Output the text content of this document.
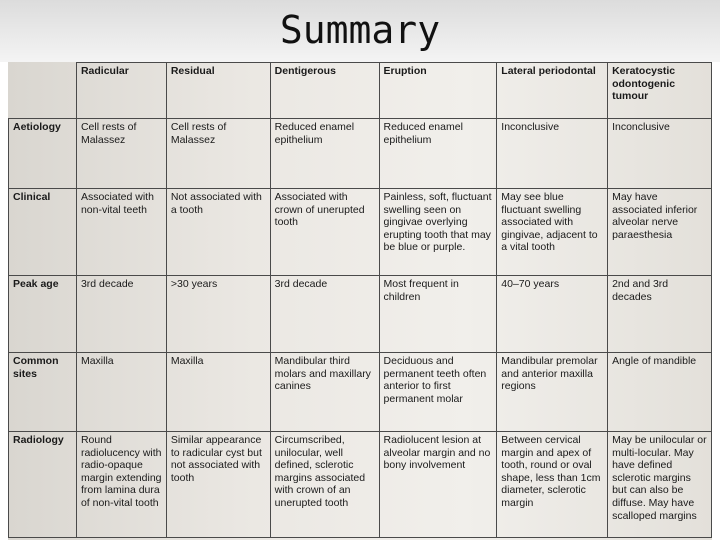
Summary
	Radicular	Residual	Dentigerous	Eruption	Lateral periodontal	Keratocystic odontogenic tumour
Aetiology	Cell rests of Malassez	Cell rests of Malassez	Reduced enamel epithelium	Reduced enamel epithelium	Inconclusive	Inconclusive
Clinical	Associated with non-vital teeth	Not associated with a tooth	Associated with crown of unerupted tooth	Painless, soft, fluctuant swelling seen on gingivae overlying erupting tooth that may be blue or purple.	May see blue fluctuant swelling associated with gingivae, adjacent to a vital tooth	May have associated inferior alveolar nerve paraesthesia
Peak age	3rd decade	>30 years	3rd decade	Most frequent in children	40–70 years	2nd and 3rd decades
Common sites	Maxilla	Maxilla	Mandibular third molars and maxillary canines	Deciduous and permanent teeth often anterior to first permanent molar	Mandibular premolar and anterior maxilla regions	Angle of mandible
Radiology	Round radiolucency with radio-opaque margin extending from lamina dura of non-vital tooth	Similar appearance to radicular cyst but not associated with tooth	Circumscribed, unilocular, well defined, sclerotic margins associated with crown of an unerupted tooth	Radiolucent lesion at alveolar margin and no bony involvement	Between cervical margin and apex of tooth, round or oval shape, less than 1cm diameter, sclerotic margin	May be unilocular or multi-locular. May have defined sclerotic margins but can also be diffuse. May have scalloped margins
